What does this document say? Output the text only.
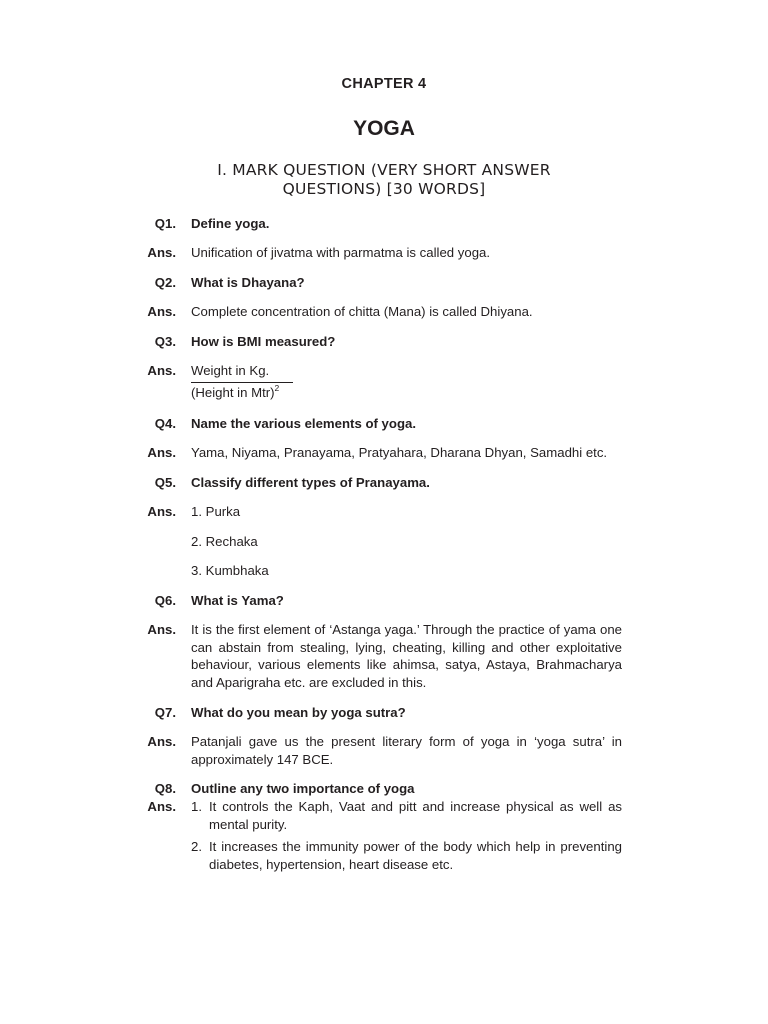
CHAPTER 4
YOGA
I. MARK QUESTION (VERY SHORT ANSWER
QUESTIONS) [30 WORDS]
Q1. Define yoga.
Ans. Unification of jivatma with parmatma is called yoga.
Q2. What is Dhayana?
Ans. Complete concentration of chitta (Mana) is called Dhiyana.
Q3. How is BMI measured?
Ans. Weight in Kg.
(Height in Mtr)$^2$
Q4. Name the various elements of yoga.
Ans. Yama, Niyama, Pranayama, Pratyahara, Dharana Dhyan, Samadhi etc.
Q5. Classify different types of Pranayama.
Ans. 1. Purka
2. Rechaka
3. Kumbhaka
Q6. What is Yama?
Ans. It is the first element of ‘Astanga yaga.’ Through the practice of yama one can abstain from stealing, lying, cheating, killing and other exploitative behaviour, various elements like ahimsa, satya, Astaya, Brahmacharya and Aparigraha etc. are excluded in this.
Q7. What do you mean by yoga sutra?
Ans. Patanjali gave us the present literary form of yoga in ‘yoga sutra’ in approximately 147 BCE.
Q8. Outline any two importance of yoga
Ans. 1. It controls the Kaph, Vaat and pitt and increase physical as well as mental purity.
2. It increases the immunity power of the body which help in preventing diabetes, hypertension, heart disease etc.
